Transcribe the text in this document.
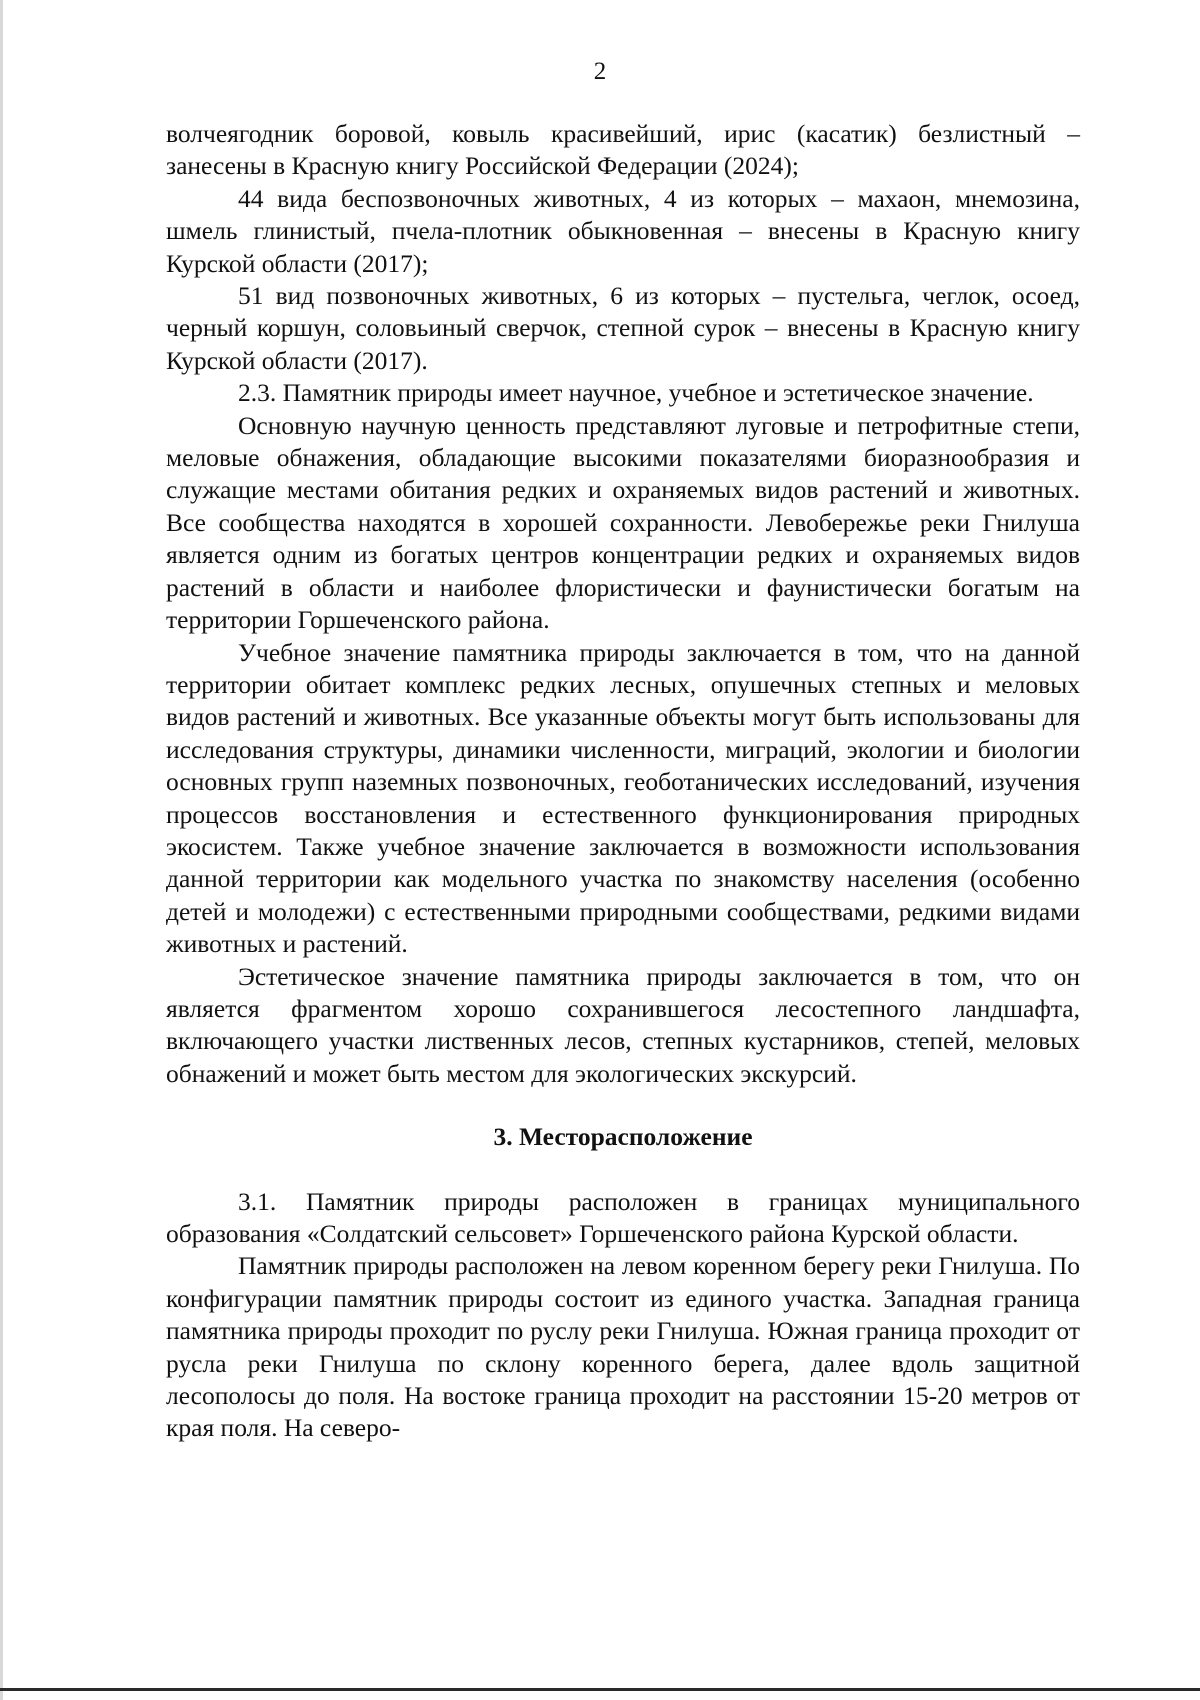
2

волчеягодник боровой, ковыль красивейший, ирис (касатик) безлистный – занесены в Красную книгу Российской Федерации (2024);

44 вида беспозвоночных животных, 4 из которых – махаон, мнемозина, шмель глинистый, пчела-плотник обыкновенная – внесены в Красную книгу Курской области (2017);

51 вид позвоночных животных, 6 из которых – пустельга, чеглок, осоед, черный коршун, соловьиный сверчок, степной сурок – внесены в Красную книгу Курской области (2017).

2.3. Памятник природы имеет научное, учебное и эстетическое значение.

Основную научную ценность представляют луговые и петрофитные степи, меловые обнажения, обладающие высокими показателями биоразнообразия и служащие местами обитания редких и охраняемых видов растений и животных. Все сообщества находятся в хорошей сохранности. Левобережье реки Гнилуша является одним из богатых центров концентрации редких и охраняемых видов растений в области и наиболее флористически и фаунистически богатым на территории Горшеченского района.

Учебное значение памятника природы заключается в том, что на данной территории обитает комплекс редких лесных, опушечных степных и меловых видов растений и животных. Все указанные объекты могут быть использованы для исследования структуры, динамики численности, миграций, экологии и биологии основных групп наземных позвоночных, геоботанических исследований, изучения процессов восстановления и естественного функционирования природных экосистем. Также учебное значение заключается в возможности использования данной территории как модельного участка по знакомству населения (особенно детей и молодежи) с естественными природными сообществами, редкими видами животных и растений.

Эстетическое значение памятника природы заключается в том, что он является фрагментом хорошо сохранившегося лесостепного ландшафта, включающего участки лиственных лесов, степных кустарников, степей, меловых обнажений и может быть местом для экологических экскурсий.

3. Месторасположение

3.1. Памятник природы расположен в границах муниципального образования «Солдатский сельсовет» Горшеченского района Курской области.

Памятник природы расположен на левом коренном берегу реки Гнилуша. По конфигурации памятник природы состоит из единого участка. Западная граница памятника природы проходит по руслу реки Гнилуша. Южная граница проходит от русла реки Гнилуша по склону коренного берега, далее вдоль защитной лесополосы до поля. На востоке граница проходит на расстоянии 15-20 метров от края поля. На северо-
